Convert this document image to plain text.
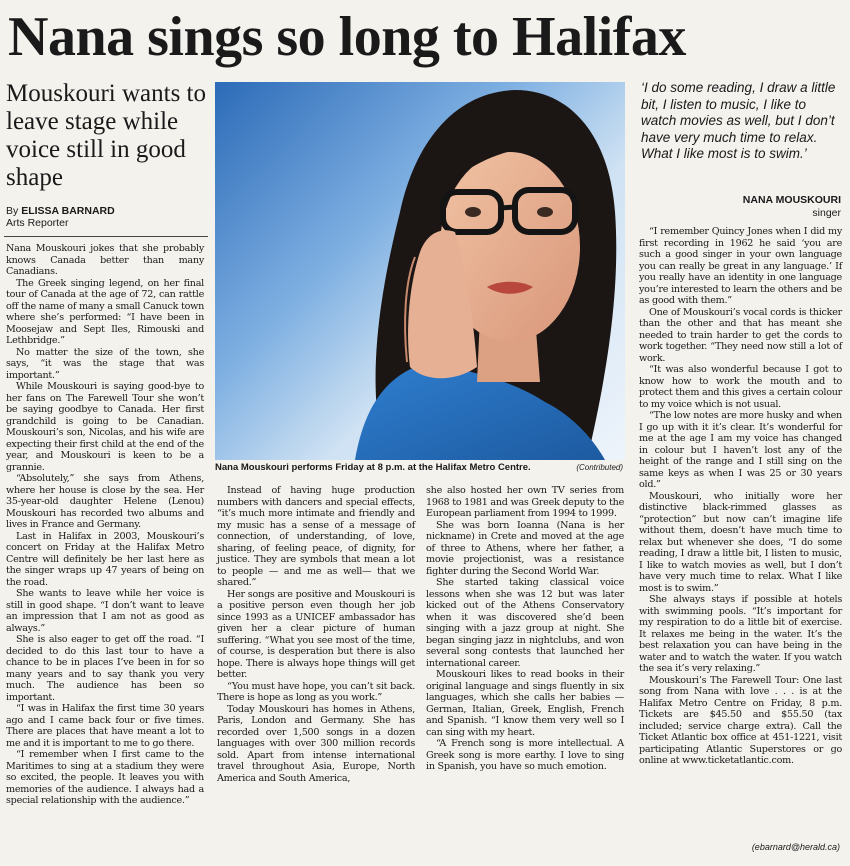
Nana sings so long to Halifax
Mouskouri wants to leave stage while voice still in good shape
By ELISSA BARNARD
Arts Reporter

Nana Mouskouri jokes that she probably knows Canada better than many Canadians.

The Greek singing legend, on her final tour of Canada at the age of 72, can rattle off the name of many a small Canuck town where she’s performed: “I have been in Moosejaw and Sept Iles, Rimouski and Lethbridge.”

No matter the size of the town, she says, “it was the stage that was important.”

While Mouskouri is saying good-bye to her fans on The Farewell Tour she won’t be saying goodbye to Canada. Her first grandchild is going to be Canadian. Mouskouri’s son, Nicolas, and his wife are expecting their first child at the end of the year, and Mouskouri is keen to be a grannie.

“Absolutely,” she says from Athens, where her house is close by the sea. Her 35-year-old daughter Helene (Lenou) Mouskouri has recorded two albums and lives in France and Germany.

Last in Halifax in 2003, Mouskouri’s concert on Friday at the Halifax Metro Centre will definitely be her last here as the singer wraps up 47 years of being on the road.

She wants to leave while her voice is still in good shape. “I don’t want to leave an impression that I am not as good as always.”

She is also eager to get off the road. “I decided to do this last tour to have a chance to be in places I’ve been in for so many years and to say thank you very much. The audience has been so important.

“I was in Halifax the first time 30 years ago and I came back four or five times. There are places that have meant a lot to me and it is important to me to go there.

“I remember when I first came to the Maritimes to sing at a stadium they were so excited, the people. It leaves you with memories of the audience. I always had a special relationship with the audience.”

Nana Mouskouri performs Friday at 8 p.m. at the Halifax Metro Centre.	(Contributed)

Instead of having huge production numbers with dancers and special effects, “it’s much more intimate and friendly and my music has a sense of a message of connection, of understanding, of love, sharing, of feeling peace, of dignity, for justice. They are symbols that mean a lot to people — and me as well— that we shared.”

Her songs are positive and Mouskouri is a positive person even though her job since 1993 as a UNICEF ambassador has given her a clear picture of human suffering. “What you see most of the time, of course, is desperation but there is also hope. There is always hope things will get better.

“You must have hope, you can’t sit back. There is hope as long as you work.”

Today Mouskouri has homes in Athens, Paris, London and Germany. She has recorded over 1,500 songs in a dozen languages with over 300 million records sold. Apart from intense international travel throughout Asia, Europe, North America and South America,

she also hosted her own TV series from 1968 to 1981 and was Greek deputy to the European parliament from 1994 to 1999.

She was born Ioanna (Nana is her nickname) in Crete and moved at the age of three to Athens, where her father, a movie projectionist, was a resistance fighter during the Second World War.

She started taking classical voice lessons when she was 12 but was later kicked out of the Athens Conservatory when it was discovered she’d been singing with a jazz group at night. She began singing jazz in nightclubs, and won several song contests that launched her international career.

Mouskouri likes to read books in their original language and sings fluently in six languages, which she calls her babies — German, Italian, Greek, English, French and Spanish. “I know them very well so I can sing with my heart.

“A French song is more intellectual. A Greek song is more earthy. I love to sing in Spanish, you have so much emotion.

‘I do some reading, I draw a little bit, I listen to music, I like to watch movies as well, but I don’t have very much time to relax. What I like most is to swim.’
NANA MOUSKOURI
singer

“I remember Quincy Jones when I did my first recording in 1962 he said ‘you are such a good singer in your own language you can really be great in any language.’ If you really have an identity in one language you’re interested to learn the others and be as good with them.”

One of Mouskouri’s vocal cords is thicker than the other and that has meant she needed to train harder to get the cords to work together. “They need now still a lot of work.

“It was also wonderful because I got to know how to work the mouth and to protect them and this gives a certain colour to my voice which is not usual.

“The low notes are more husky and when I go up with it it’s clear. It’s wonderful for me at the age I am my voice has changed in colour but I haven’t lost any of the height of the range and I still sing on the same keys as when I was 25 or 30 years old.”

Mouskouri, who initially wore her distinctive black-rimmed glasses as “protection” but now can’t imagine life without them, doesn’t have much time to relax but whenever she does, “I do some reading, I draw a little bit, I listen to music, I like to watch movies as well, but I don’t have very much time to relax. What I like most is to swim.”

She always stays if possible at hotels with swimming pools. “It’s important for my respiration to do a little bit of exercise. It relaxes me being in the water. It’s the best relaxation you can have being in the water and to watch the water. If you watch the sea it’s very relaxing.”

Mouskouri’s The Farewell Tour: One last song from Nana with love . . . is at the Halifax Metro Centre on Friday, 8 p.m. Tickets are $45.50 and $55.50 (tax included; service charge extra). Call the Ticket Atlantic box office at 451-1221, visit participating Atlantic Superstores or go online at www.ticketatlantic.com.

(ebarnard@herald.ca)
